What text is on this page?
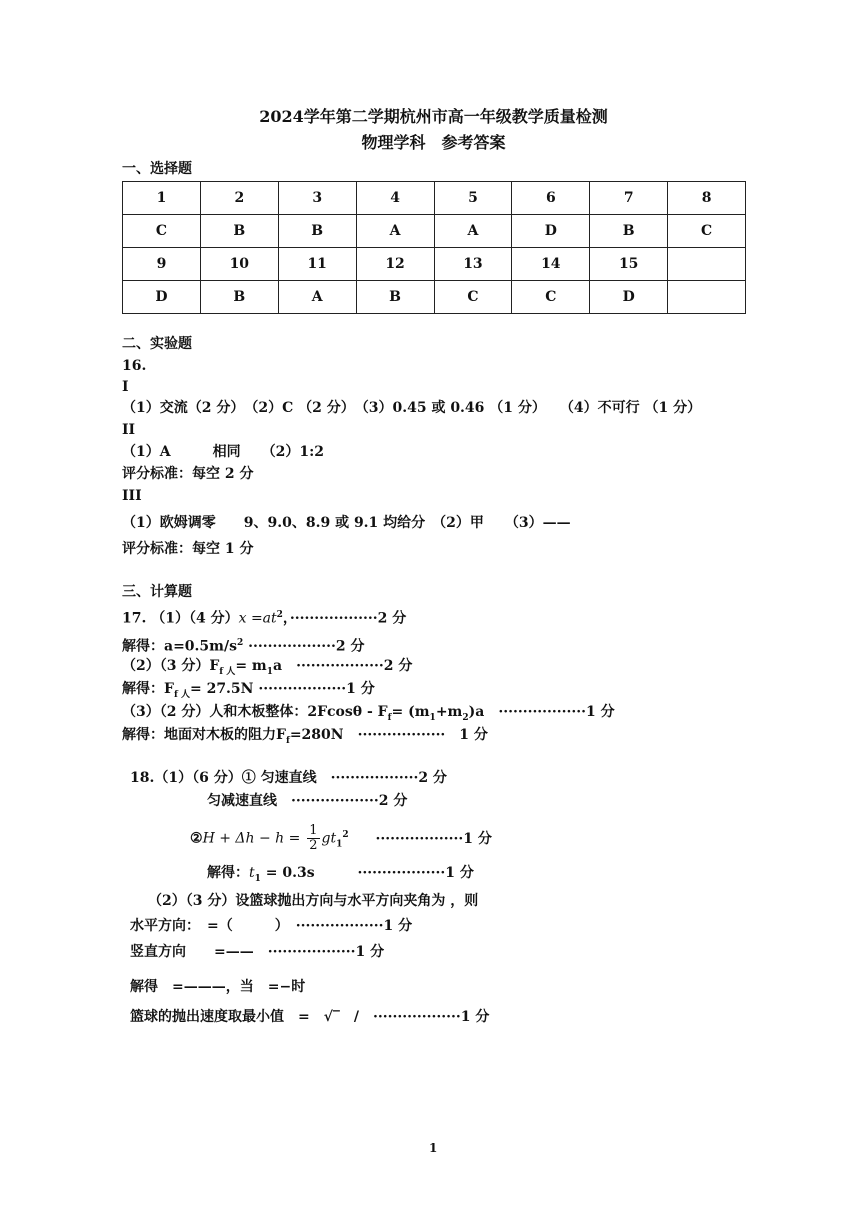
2024学年第二学期杭州市高一年级教学质量检测
物理学科　参考答案
一、选择题
1	2	3	4	5	6	7	8
C	B	B	A	A	D	B	C
9	10	11	12	13	14	15	
D	B	A	B	C	C	D	
二、实验题
16.
I
（1）交流（2 分）　（2）C （2 分）　（3）0.45 或 0.46 （1 分）　　（4）不可行 （1 分）
II
（1）A　　　相同　　（2）1:2
评分标准：每空 2 分
III
（1）欧姆调零　　9、9.0、8.9 或 9.1 均给分　（2）甲　　（3）——
评分标准：每空 1 分
三、计算题
17. （1）（4 分）$x =at^2$，··················2 分
解得：$a=0.5m/s^2 \cdot\cdot\cdot\cdot\cdot\cdot\cdot\cdot\cdot\cdot\cdot\cdot\cdot\cdot\cdot\cdot\cdot\cdot 2$ 分
（2）（3 分）$F_{f 人}= m_1a$　··················2 分
解得：$F_{f 人}= 27.5N \cdot\cdot\cdot\cdot\cdot\cdot\cdot\cdot\cdot\cdot\cdot\cdot\cdot\cdot\cdot\cdot\cdot\cdot 1$ 分
（3）（2 分）人和木板整体：$2Fcos\theta - F_f= (m_1+m_2)a$　··················1 分
解得：地面对木板的阻力$F_f=280N$　··················　1 分
18.（1）（6 分）① 匀速直线　··················2 分
匀减速直线　··················2 分
②H + $\Delta h - h = \frac{1}{2} gt_1^2 \cdot\cdot\cdot\cdot\cdot\cdot\cdot\cdot\cdot\cdot\cdot\cdot\cdot\cdot\cdot\cdot\cdot\cdot 1$ 分
解得：$t_1 = 0.3s$	··················1 分
（2）（3 分）设篮球抛出方向与水平方向夹角为 ，则
水平方向：　=（　　　）　··················1 分
竖直方向　　=——　··················1 分
解得　=———，当　=−时
篮球的抛出速度取最小值　=　√‾　/　··················1 分
1
